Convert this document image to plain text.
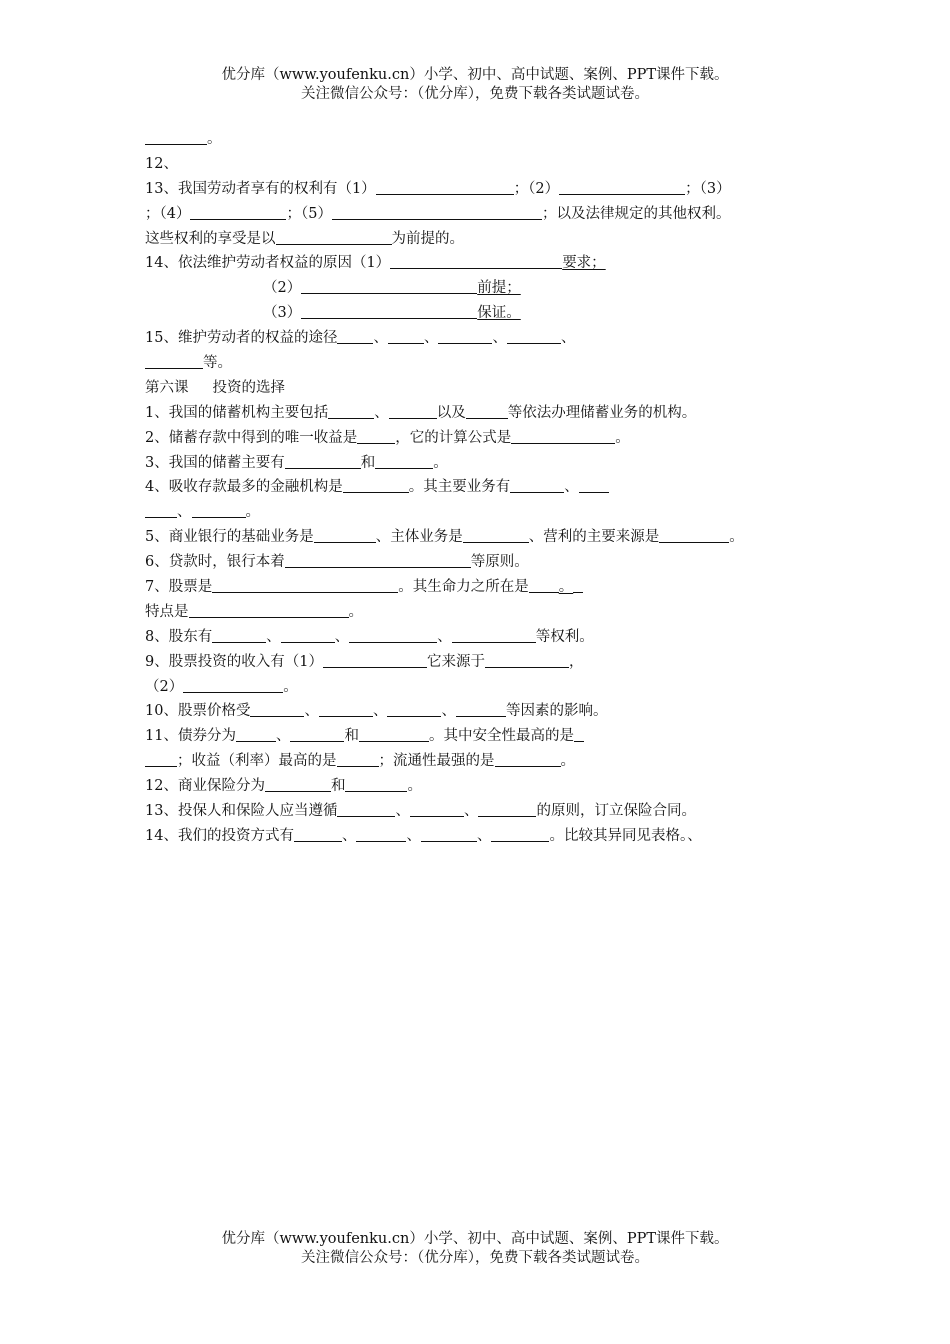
优分库（www.youfenku.cn）小学、初中、高中试题、案例、PPT课件下载。
关注微信公众号：（优分库），免费下载各类试题试卷。
。
12、
13、我国劳动者享有的权利有（1）	；（2）	；（3）
；（4）	；（5）	；以及法律规定的其他权利。
这些权利的享受是以	为前提的。
14、依法维护劳动者权益的原因（1）	要求；
（2）	前提；
（3）	保证。
15、维护劳动者的权益的途径 、 、	、	、
等。
第六课 投资的选择
1、我国的储蓄机构主要包括	、	以及	等依法办理储蓄业务的机构。
2、储蓄存款中得到的唯一收益是	，它的计算公式是	。
3、我国的储蓄主要有	和	。
4、吸收存款最多的金融机构是	。其主要业务有	、
、	。
5、商业银行的基础业务是	、主体业务是	、营利的主要来源是	。
6、贷款时，银行本着	等原则。
7、股票是	。其生命力之所在是 。
特点是	。
8、股东有	、	、	、	等权利。
9、股票投资的收入有（1）	它来源于	，
（2）	。
10、股票价格受	、	、	、	等因素的影响。
11、债券分为	、	和	。其中安全性最高的是
；收益（利率）最高的是	；流通性最强的是	。
12、商业保险分为	和	。
13、投保人和保险人应当遵循	、	、	的原则，订立保险合同。
14、我们的投资方式有	、	、	、	。比较其异同见表格。、
优分库（www.youfenku.cn）小学、初中、高中试题、案例、PPT课件下载。
关注微信公众号：（优分库），免费下载各类试题试卷。
